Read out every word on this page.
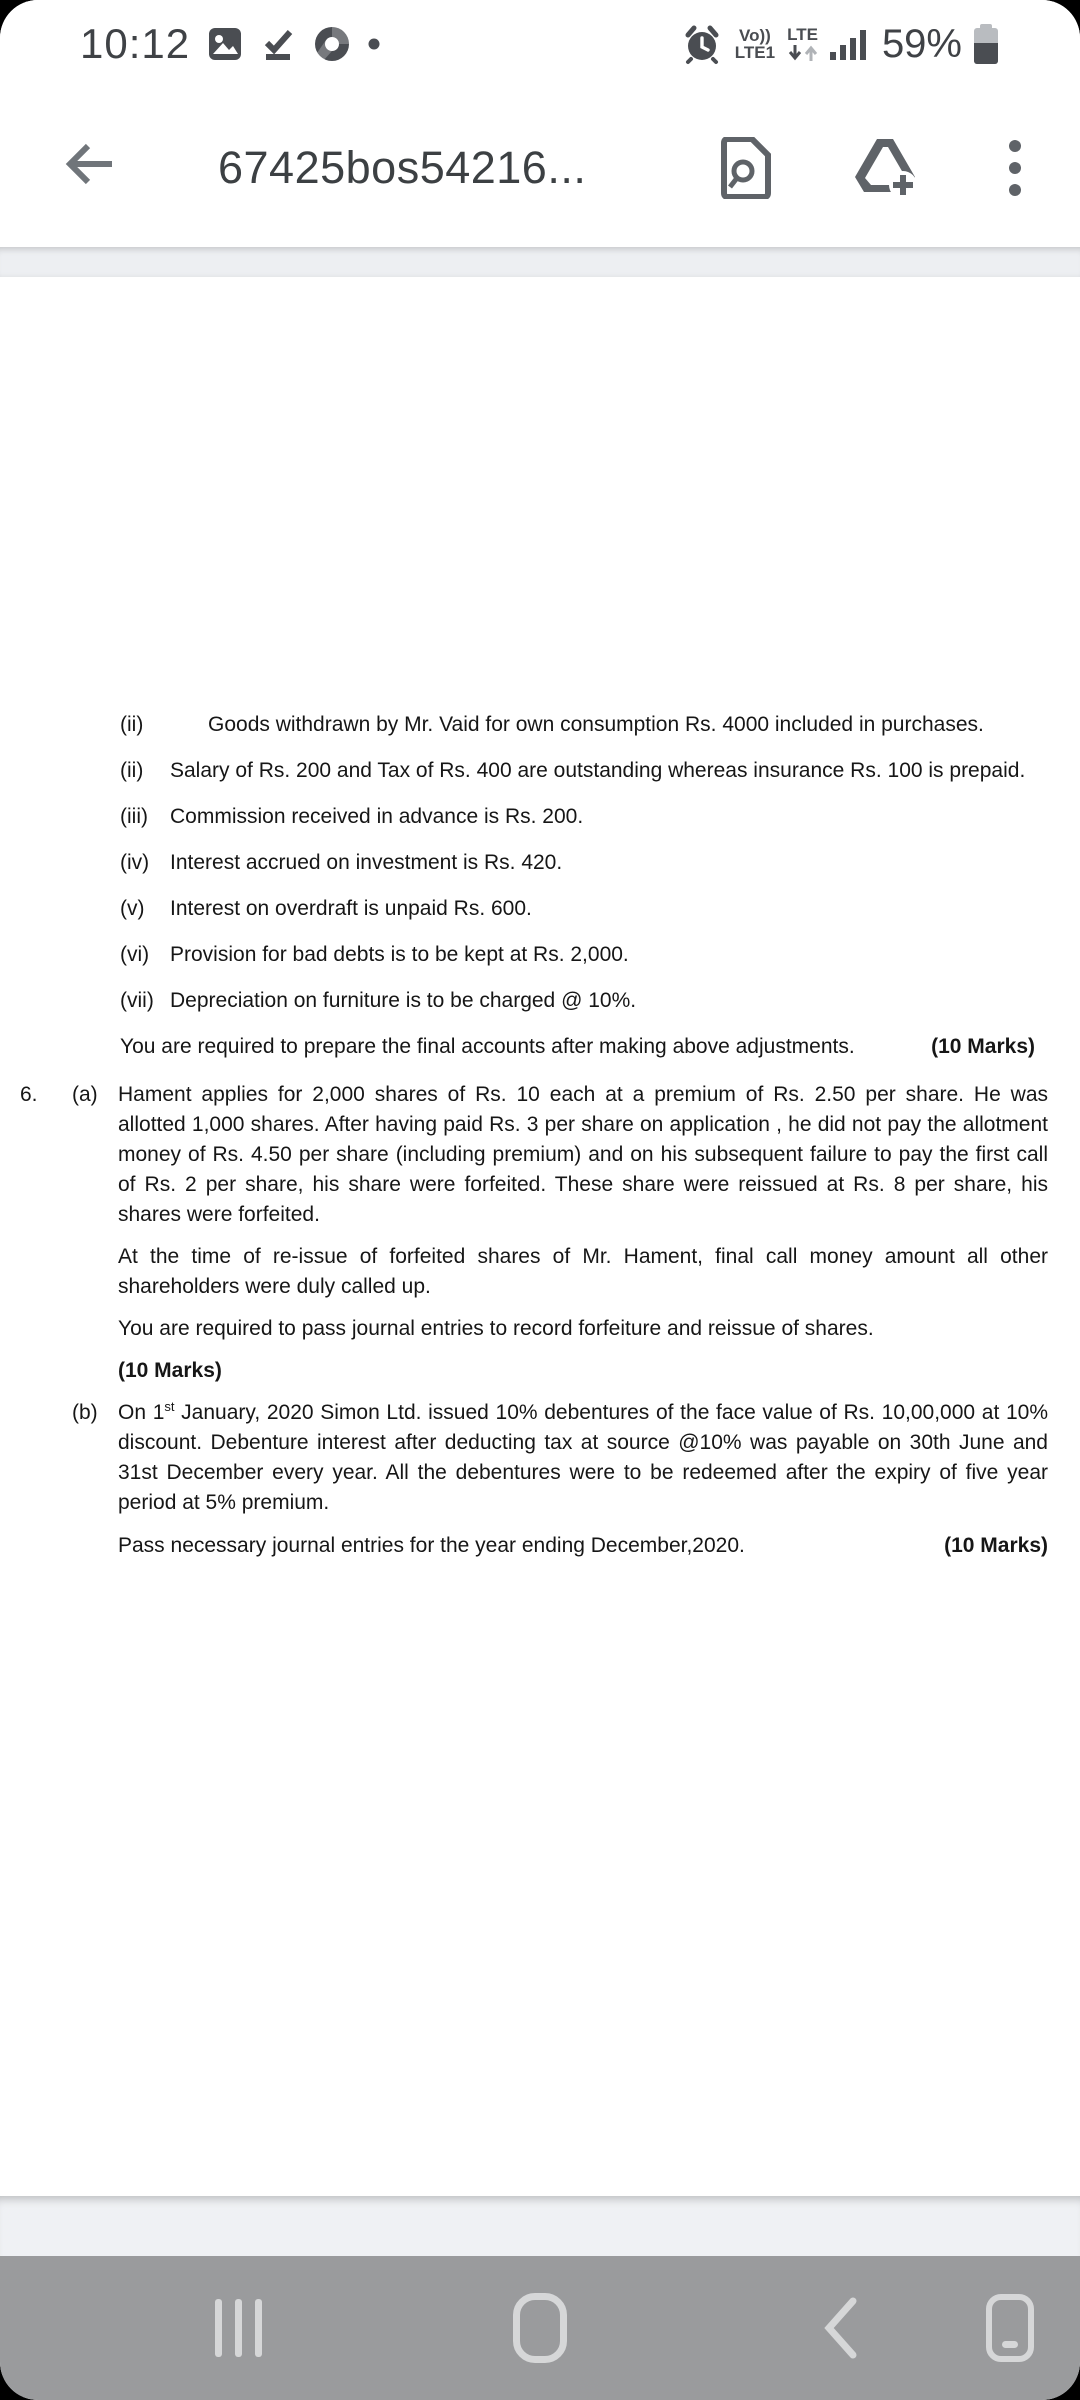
10:12	Vo))
LTE1
LTE 59%
67425bos54216...
(ii)	Goods withdrawn by Mr. Vaid for own consumption Rs. 4000 included in purchases.
(ii)	Salary of Rs. 200 and Tax of Rs. 400 are outstanding whereas insurance Rs. 100 is prepaid.
(iii)	Commission received in advance is Rs. 200.
(iv) Interest accrued on investment is Rs. 420.
(v)	Interest on overdraft is unpaid Rs. 600.
(vi) Provision for bad debts is to be kept at Rs. 2,000.
(vii) Depreciation on furniture is to be charged @ 10%.
You are required to prepare the final accounts after making above adjustments.	(10 Marks)
6.	(a) Hament applies for 2,000 shares of Rs. 10 each at a premium of Rs. 2.50 per share. He was allotted 1,000 shares. After having paid Rs. 3 per share on application , he did not pay the allotment money of Rs. 4.50 per share (including premium) and on his subsequent failure to pay the first call of Rs. 2 per share, his share were forfeited. These share were reissued at Rs. 8 per share, his shares were forfeited.

At the time of re-issue of forfeited shares of Mr. Hament, final call money amount all other shareholders were duly called up.

You are required to pass journal entries to record forfeiture and reissue of shares.

(10 Marks)

(b) On 1st January, 2020 Simon Ltd. issued 10% debentures of the face value of Rs. 10,00,000 at 10% discount. Debenture interest after deducting tax at source @10% was payable on 30th June and 31st December every year. All the debentures were to be redeemed after the expiry of five year period at 5% premium.

Pass necessary journal entries for the year ending December,2020.	(10 Marks)
